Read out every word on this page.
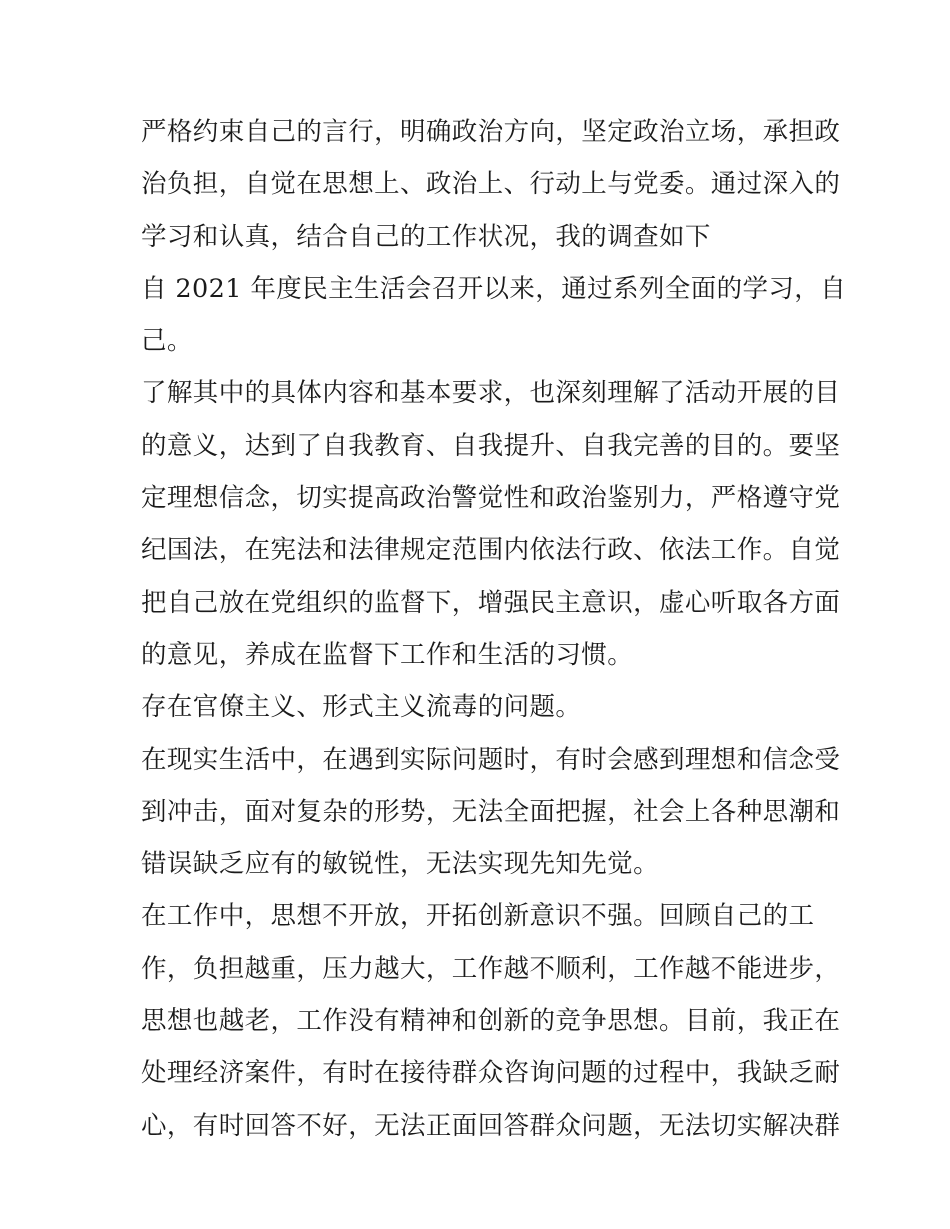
严格约束自己的言行，明确政治方向，坚定政治立场，承担政
治负担，自觉在思想上、政治上、行动上与党委。通过深入的
学习和认真，结合自己的工作状况，我的调查如下
自 2021 年度民主生活会召开以来，通过系列全面的学习，自
己。
了解其中的具体内容和基本要求，也深刻理解了活动开展的目
的意义，达到了自我教育、自我提升、自我完善的目的。要坚
定理想信念，切实提高政治警觉性和政治鉴别力，严格遵守党
纪国法，在宪法和法律规定范围内依法行政、依法工作。自觉
把自己放在党组织的监督下，增强民主意识，虚心听取各方面
的意见，养成在监督下工作和生活的习惯。
存在官僚主义、形式主义流毒的问题。
在现实生活中，在遇到实际问题时，有时会感到理想和信念受
到冲击，面对复杂的形势，无法全面把握，社会上各种思潮和
错误缺乏应有的敏锐性，无法实现先知先觉。
在工作中，思想不开放，开拓创新意识不强。回顾自己的工
作，负担越重，压力越大，工作越不顺利，工作越不能进步，
思想也越老，工作没有精神和创新的竞争思想。目前，我正在
处理经济案件，有时在接待群众咨询问题的过程中，我缺乏耐
心，有时回答不好，无法正面回答群众问题，无法切实解决群
